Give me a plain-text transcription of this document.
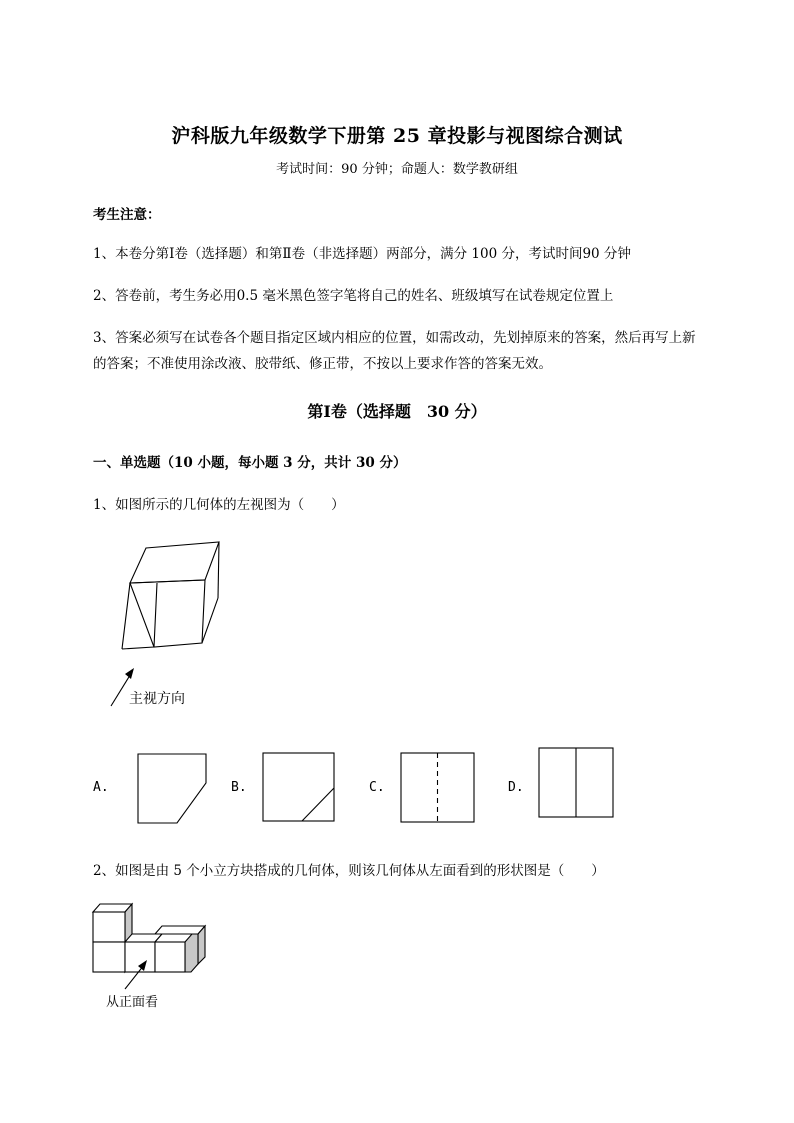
沪科版九年级数学下册第 25 章投影与视图综合测试
考试时间：90 分钟；命题人：数学教研组
考生注意：
1、本卷分第Ⅰ卷（选择题）和第Ⅱ卷（非选择题）两部分，满分 100 分，考试时间90 分钟
2、答卷前，考生务必用0.5 毫米黑色签字笔将自己的姓名、班级填写在试卷规定位置上
3、答案必须写在试卷各个题目指定区域内相应的位置，如需改动，先划掉原来的答案，然后再写上新
的答案；不准使用涂改液、胶带纸、修正带，不按以上要求作答的答案无效。
第Ⅰ卷（选择题　30 分）
一、单选题（10 小题，每小题 3 分，共计 30 分）
1、如图所示的几何体的左视图为（　　）
主视方向
A.	B.	C.	D.
2、如图是由 5 个小立方块搭成的几何体，则该几何体从左面看到的形状图是（　　）
从正面看
